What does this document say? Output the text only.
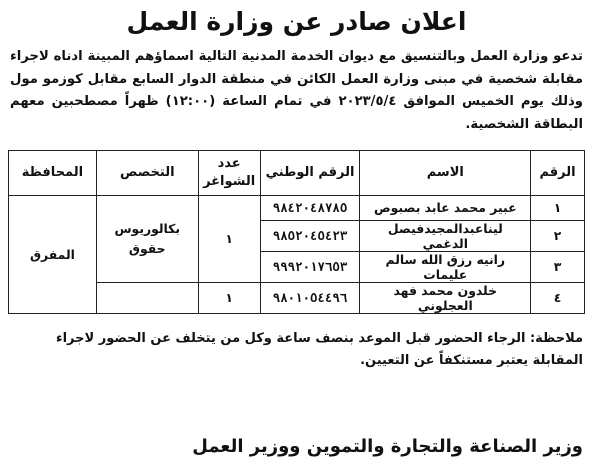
اعلان صادر عن وزارة العمل

تدعو وزارة العمل وبالتنسيق مع ديوان الخدمة المدنية التالية اسماؤهم المبينة ادناه لاجراء مقابلة شخصية في مبنى وزارة العمل الكائن في منطقة الدوار السابع مقابل كوزمو مول وذلك يوم الخميس الموافق ٢٠٢٣/٥/٤ في تمام الساعة (١٢:٠٠) ظهراً مصطحبين معهم البطاقة الشخصية.

الرقم	الاسم	الرقم الوطني	عدد الشواغر	التخصص	المحافظة
١	عبير محمد عابد بصبوص	٩٨٤٢٠٤٨٧٨٥	١	بكالوريوس حقوق	المفرق
٢	ليناعبدالمجيدفيصل الدغمي	٩٨٥٢٠٤٥٤٢٣			
٣	رانيه رزق الله سالم عليمات	٩٩٩٢٠١٧٦٥٣			
٤	خلدون محمد فهد العجلوني	٩٨٠١٠٥٤٤٩٦	١		

ملاحظة: الرجاء الحضور قبل الموعد بنصف ساعة وكل من يتخلف عن الحضور لاجراء المقابلة يعتبر مستنكفاً عن التعيين.

وزير الصناعة والتجارة والتموين ووزير العمل
